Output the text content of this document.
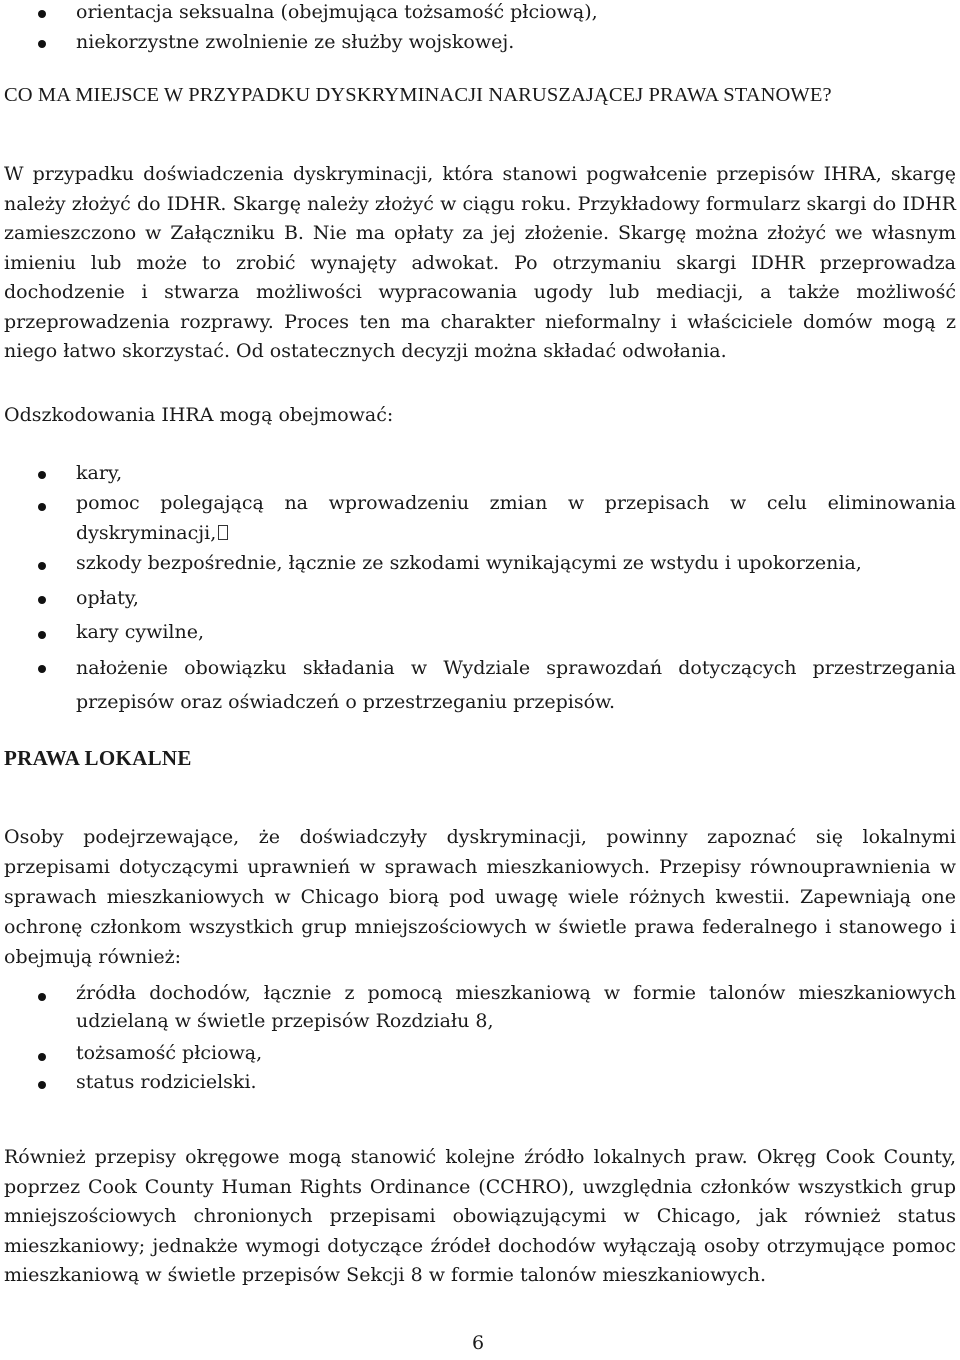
orientacja seksualna (obejmująca tożsamość płciową),
niekorzystne zwolnienie ze służby wojskowej.
CO MA MIEJSCE W PRZYPADKU DYSKRYMINACJI NARUSZAJĄCEJ PRAWA STANOWE?

W przypadku doświadczenia dyskryminacji, która stanowi pogwałcenie przepisów IHRA, skargę należy złożyć do IDHR. Skargę należy złożyć w ciągu roku. Przykładowy formularz skargi do IDHR zamieszczono w Załączniku B. Nie ma opłaty za jej złożenie. Skargę można złożyć we własnym imieniu lub może to zrobić wynajęty adwokat. Po otrzymaniu skargi IDHR przeprowadza dochodzenie i stwarza możliwości wypracowania ugody lub mediacji, a także możliwość przeprowadzenia rozprawy. Proces ten ma charakter nieformalny i właściciele domów mogą z niego łatwo skorzystać. Od ostatecznych decyzji można składać odwołania.

Odszkodowania IHRA mogą obejmować:

kary,
pomoc polegającą na wprowadzeniu zmian w przepisach w celu eliminowania dyskryminacji,
szkody bezpośrednie, łącznie ze szkodami wynikającymi ze wstydu i upokorzenia,
opłaty,
kary cywilne,
nałożenie obowiązku składania w Wydziale sprawozdań dotyczących przestrzegania przepisów oraz oświadczeń o przestrzeganiu przepisów.
PRAWA LOKALNE

Osoby podejrzewające, że doświadczyły dyskryminacji, powinny zapoznać się lokalnymi przepisami dotyczącymi uprawnień w sprawach mieszkaniowych. Przepisy równouprawnienia w sprawach mieszkaniowych w Chicago biorą pod uwagę wiele różnych kwestii. Zapewniają one ochronę członkom wszystkich grup mniejszościowych w świetle prawa federalnego i stanowego i obejmują również:

źródła dochodów, łącznie z pomocą mieszkaniową w formie talonów mieszkaniowych udzielaną w świetle przepisów Rozdziału 8,
tożsamość płciową,
status rodzicielski.

Również przepisy okręgowe mogą stanowić kolejne źródło lokalnych praw. Okręg Cook County, poprzez Cook County Human Rights Ordinance (CCHRO), uwzględnia członków wszystkich grup mniejszościowych chronionych przepisami obowiązującymi w Chicago, jak również status mieszkaniowy; jednakże wymogi dotyczące źródeł dochodów wyłączają osoby otrzymujące pomoc mieszkaniową w świetle przepisów Sekcji 8 w formie talonów mieszkaniowych.

6
